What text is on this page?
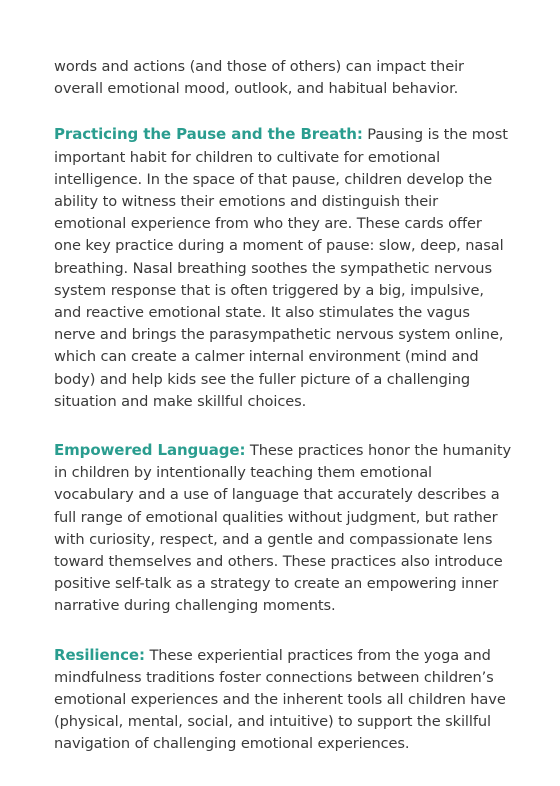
words and actions (and those of others) can impact their overall emotional mood, outlook, and habitual behavior.

Practicing the Pause and the Breath: Pausing is the most important habit for children to cultivate for emotional intelligence. In the space of that pause, children develop the ability to witness their emotions and distinguish their emotional experience from who they are. These cards offer one key practice during a moment of pause: slow, deep, nasal breathing. Nasal breathing soothes the sympathetic nervous system response that is often triggered by a big, impulsive, and reactive emotional state. It also stimulates the vagus nerve and brings the parasympathetic nervous system online, which can create a calmer internal environment (mind and body) and help kids see the fuller picture of a challenging situation and make skillful choices.

Empowered Language: These practices honor the humanity in children by intentionally teaching them emotional vocabulary and a use of language that accurately describes a full range of emotional qualities without judgment, but rather with curiosity, respect, and a gentle and compassionate lens toward themselves and others. These practices also introduce positive self-talk as a strategy to create an empowering inner narrative during challenging moments.

Resilience: These experiential practices from the yoga and mindfulness traditions foster connections between children’s emotional experiences and the inherent tools all children have (physical, mental, social, and intuitive) to support the skillful navigation of challenging emotional experiences.
